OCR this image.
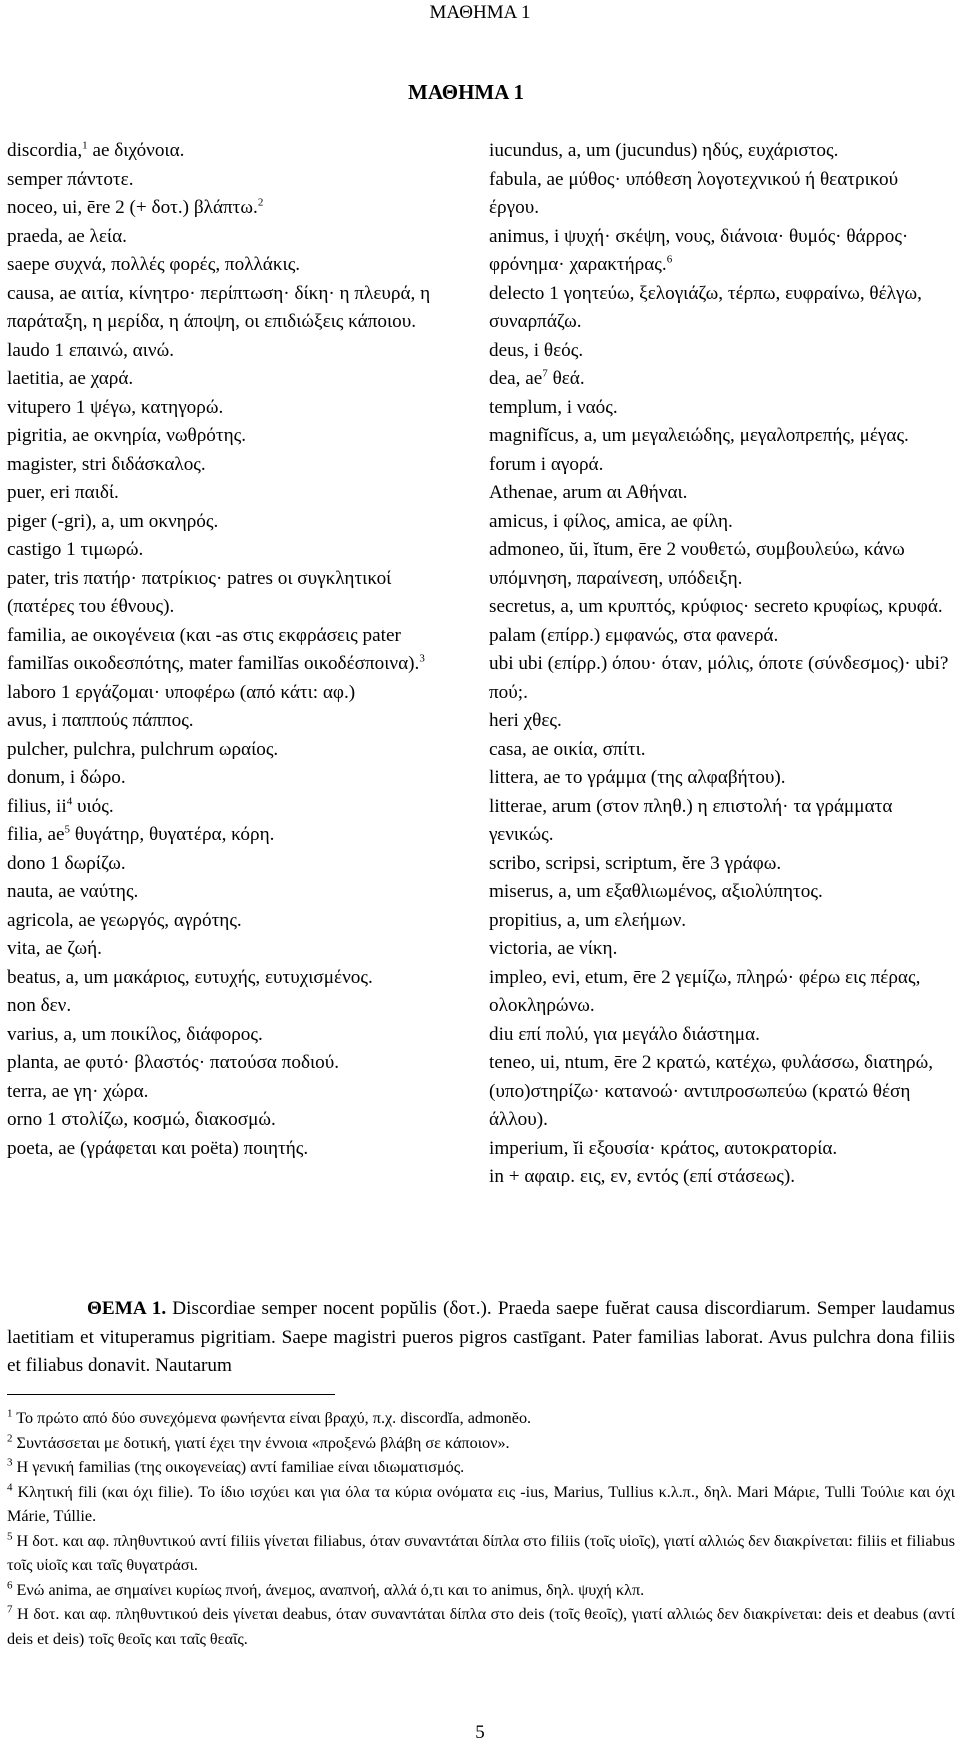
ΜΑΘΗΜΑ 1
ΜΑΘΗΜΑ 1

discordia,$^1$ ae διχόνοια.

semper πάντοτε.

noceo, ui, ēre 2 (+ δοτ.) βλάπτω.$^2$

praeda, ae λεία.

saepe συχνά, πολλές φορές, πολλάκις.

causa, ae αιτία, κίνητρο· περίπτωση· δίκη· η πλευρά, η παράταξη, η μερίδα, η άποψη, οι επιδιώξεις κάποιου.

laudo 1 επαινώ, αινώ.

laetitia, ae χαρά.

vitupero 1 ψέγω, κατηγορώ.

pigritia, ae οκνηρία, νωθρότης.

magister, stri διδάσκαλος.

puer, eri παιδί.

piger (-gri), a, um οκνηρός.

castigo 1 τιμωρώ.

pater, tris πατήρ· πατρίκιος· patres οι συγκλητικοί (πατέρες του έθνους).

familia, ae οικογένεια (και -as στις εκφράσεις pater familĭas οικοδεσπότης, mater familĭas οικοδέσποινα).$^3$

laboro 1 εργάζομαι· υποφέρω (από κάτι: αφ.)

avus, i παππούς πάππος.

pulcher, pulchra, pulchrum ωραίος.

donum, i δώρο.

filius, $ii^4$ υιός.

filia, $ae^5$ θυγάτηρ, θυγατέρα, κόρη.

dono 1 δωρίζω.

nauta, ae ναύτης.

agricola, ae γεωργός, αγρότης.

vita, ae ζωή.

beatus, a, um μακάριος, ευτυχής, ευτυχισμένος.

non δεν.

varius, a, um ποικίλος, διάφορος.

planta, ae φυτό· βλαστός· πατούσα ποδιού.

terra, ae γη· χώρα.

orno 1 στολίζω, κοσμώ, διακοσμώ.

poeta, ae (γράφεται και poëta) ποιητής.

iucundus, a, um (jucundus) ηδύς, ευχάριστος.

fabula, ae μύθος· υπόθεση λογοτεχνικού ή θεατρικού έργου.

animus, i ψυχή· σκέψη, νους, διάνοια· θυμός· θάρρος· φρόνημα· χαρακτήρας.$^6$

delecto 1 γοητεύω, ξελογιάζω, τέρπω, ευφραίνω, θέλγω, συναρπάζω.

deus, i θεός.

dea, $ae^7$ θεά.

templum, i ναός.

magnifĭcus, a, um μεγαλειώδης, μεγαλοπρεπής, μέγας.

forum i αγορά.

Athenae, arum αι Αθήναι.

amicus, i φίλος, amica, ae φίλη.

admoneo, ŭi, ĭtum, ēre 2 νουθετώ, συμβουλεύω, κάνω υπόμνηση, παραίνεση, υπόδειξη.

secretus, a, um κρυπτός, κρύφιος· secreto κρυφίως, κρυφά.

palam (επίρρ.) εμφανώς, στα φανερά.

ubi ubi (επίρρ.) όπου· όταν, μόλις, όποτε (σύνδεσμος)· ubi? πού;.

heri χθες.

casa, ae οικία, σπίτι.

littera, ae το γράμμα (της αλφαβήτου).

litterae, arum (στον πληθ.) η επιστολή· τα γράμματα γενικώς.

scribo, scripsi, scriptum, ĕre 3 γράφω.

miserus, a, um εξαθλιωμένος, αξιολύπητος.

propitius, a, um ελεήμων.

victoria, ae νίκη.

impleo, evi, etum, ēre 2 γεμίζω, πληρώ· φέρω εις πέρας, ολοκληρώνω.

diu επί πολύ, για μεγάλο διάστημα.

teneo, ui, ntum, ēre 2 κρατώ, κατέχω, φυλάσσω, διατηρώ, (υπο)στηρίζω· κατανοώ· αντιπροσωπεύω (κρατώ θέση άλλου).

imperium, ĭi εξουσία· κράτος, αυτοκρατορία.

in + αφαιρ. εις, εν, εντός (επί στάσεως).

ΘΕΜΑ 1. Discordiae semper nocent popŭlis (δοτ.). Praeda saepe fuĕrat causa discordiarum. Semper laudamus laetitiam et vituperamus pigritiam. Saepe magistri pueros pigros castīgant. Pater familias laborat. Avus pulchra dona filiis et filiabus donavit. Nautarum

$^1$ Το πρώτο από δύο συνεχόμενα φωνήεντα είναι βραχύ, π.χ. discordĭa, admonĕo.

$^2$ Συντάσσεται με δοτική, γιατί έχει την έννοια «προξενώ βλάβη σε κάποιον».

$^3$ Η γενική familias (της οικογενείας) αντί familiae είναι ιδιωματισμός.

$^4$ Κλητική fili (και όχι filie). Το ίδιο ισχύει και για όλα τα κύρια ονόματα εις -ius, Marius, Tullius κ.λ.π., δηλ. Mari Μάριε, Tulli Τούλιε και όχι Márie, Túllie.

$^5$ Η δοτ. και αφ. πληθυντικού αντί filiis γίνεται filiabus, όταν συναντάται δίπλα στο filiis (τοῖς υἱοῖς), γιατί αλλιώς δεν διακρίνεται: filiis et filiabus τοῖς υἱοῖς και ταῖς θυγατράσι.

$^6$ Ενώ anima, ae σημαίνει κυρίως πνοή, άνεμος, αναπνοή, αλλά ό,τι και το animus, δηλ. ψυχή κλπ.

$^7$ Η δοτ. και αφ. πληθυντικού deis γίνεται deabus, όταν συναντάται δίπλα στο deis (τοῖς θεοῖς), γιατί αλλιώς δεν διακρίνεται: deis et deabus (αντί deis et deis) τοῖς θεοῖς και ταῖς θεαῖς.

5
